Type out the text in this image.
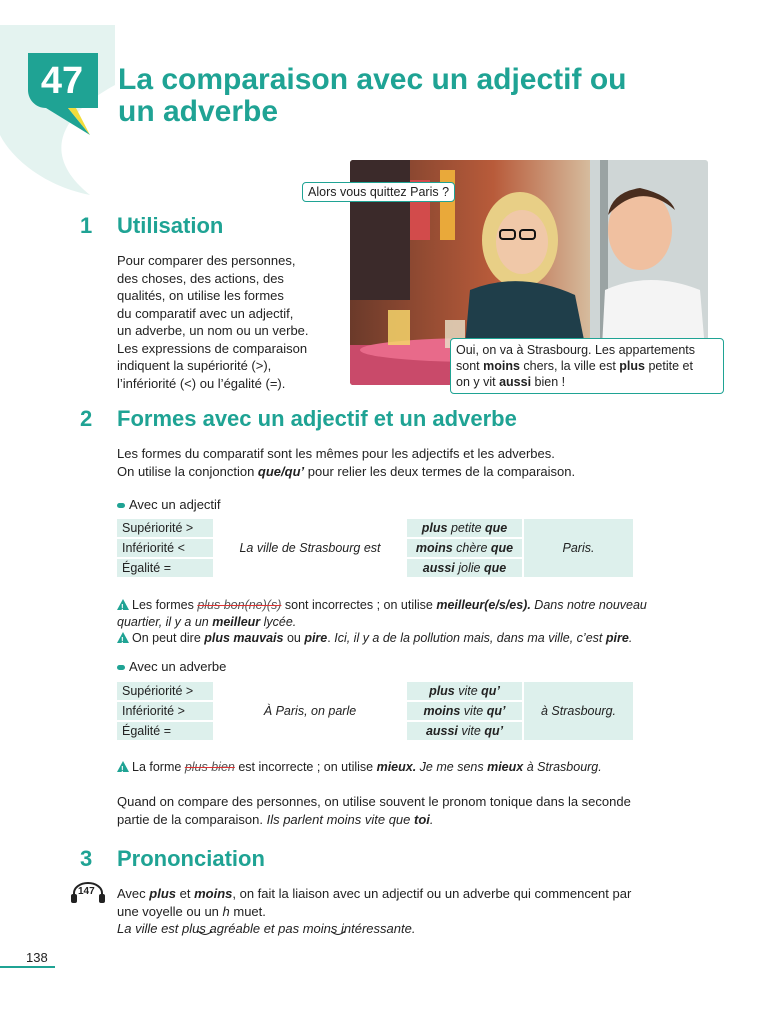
47	La comparaison avec un adjectif ou
un adverbe
1 Utilisation
Pour comparer des personnes,
des choses, des actions, des
qualités, on utilise les formes
du comparatif avec un adjectif,
un adverbe, un nom ou un verbe.
Les expressions de comparaison
indiquent la supériorité (>),
l’infériorité (<) ou l’égalité (=).
Alors vous quittez Paris ?
Oui, on va à Strasbourg. Les appartements
sont moins chers, la ville est plus petite et
on y vit aussi bien !
2 Formes avec un adjectif et un adverbe
Les formes du comparatif sont les mêmes pour les adjectifs et les adverbes.
On utilise la conjonction que/qu’ pour relier les deux termes de la comparaison.
Avec un adjectif
Supériorité >	La ville de Strasbourg est	plus petite que	Paris.
Infériorité <		moins chère que	
Égalité =		aussi jolie que	
!Les formes plus bon(ne)(s) sont incorrectes ; on utilise meilleur(e/s/es). Dans notre nouveau
quartier, il y a un meilleur lycée.
!On peut dire plus mauvais ou pire. Ici, il y a de la pollution mais, dans ma ville, c’est pire.
Avec un adverbe
Supériorité >	À Paris, on parle	plus vite qu’	à Strasbourg.
Infériorité >		moins vite qu’	
Égalité =		aussi vite qu’	
!La forme plus bien est incorrecte ; on utilise mieux. Je me sens mieux à Strasbourg.
Quand on compare des personnes, on utilise souvent le pronom tonique dans la seconde
partie de la comparaison. Ils parlent moins vite que toi.
3 Prononciation
147 Avec plus et moins, on fait la liaison avec un adjectif ou un adverbe qui commencent par
une voyelle ou un h muet.
La ville est plus agréable et pas moins intéressante.
138
